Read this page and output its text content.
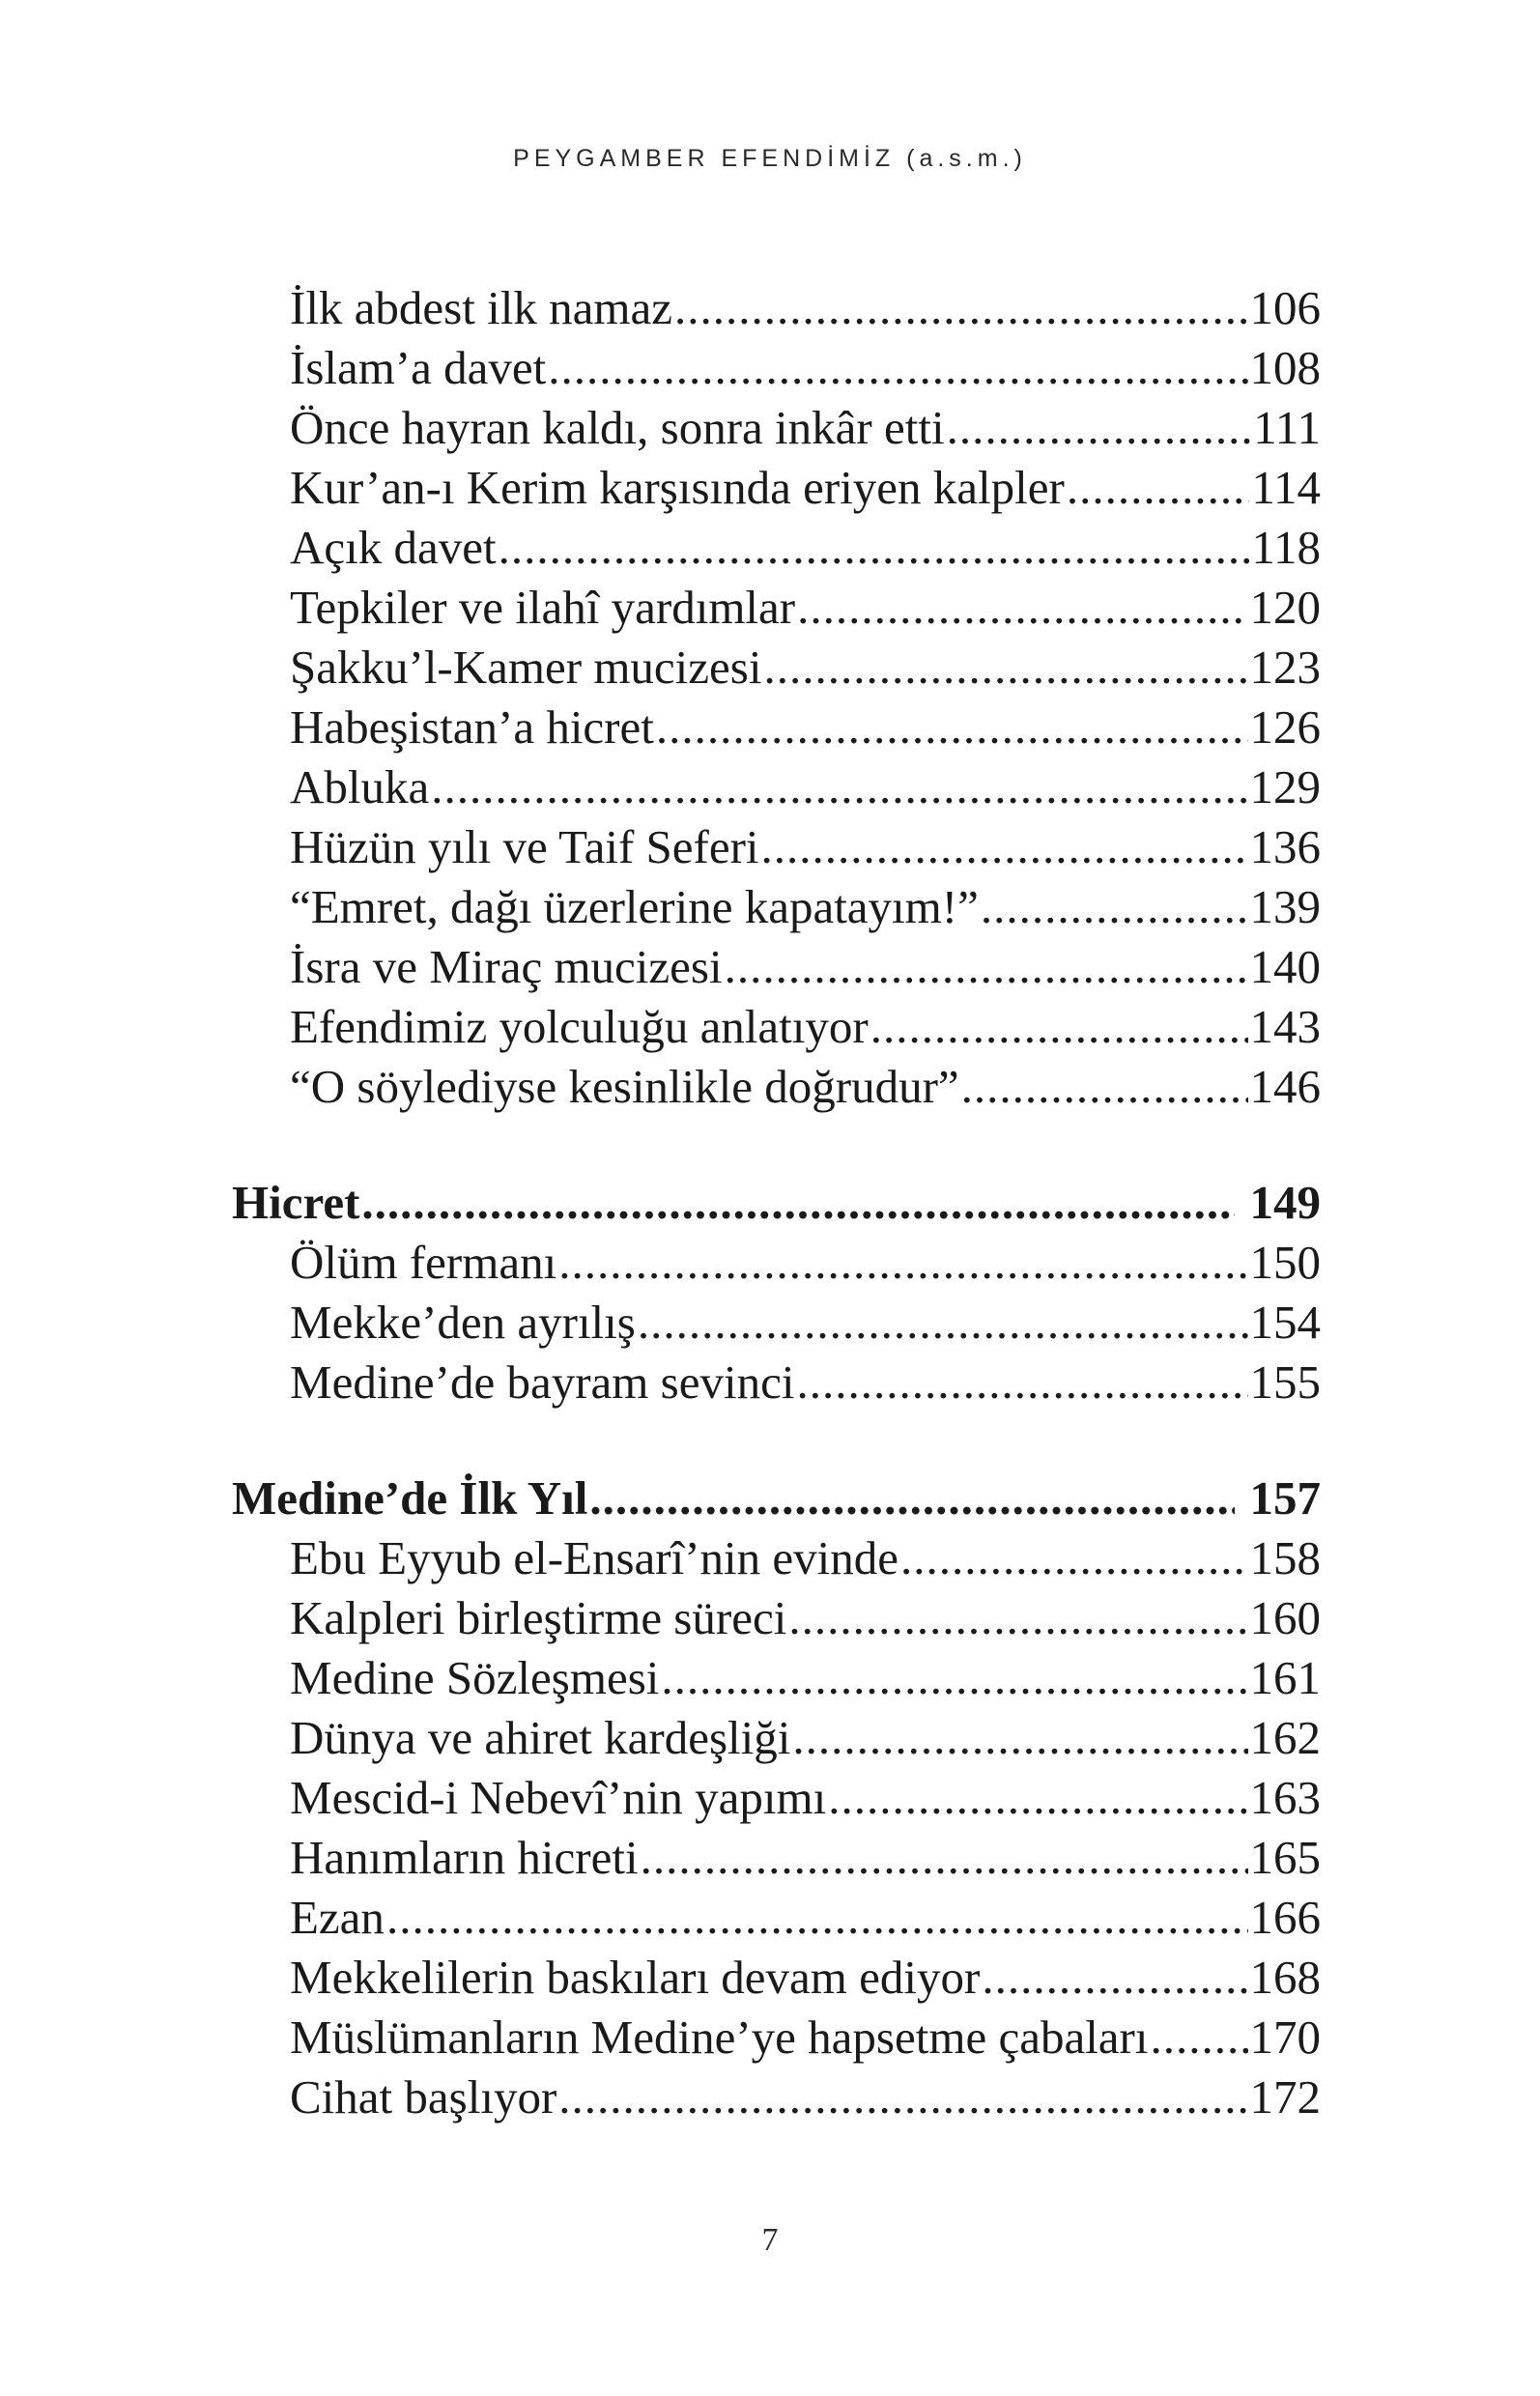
PEYGAMBER EFENDİMİZ (a.s.m.)
İlk abdest ilk namaz .....	106
İslam’a davet .....	108
Önce hayran kaldı, sonra inkâr etti .....	111
Kur’an-ı Kerim karşısında eriyen kalpler .....	114
Açık davet .....	118
Tepkiler ve ilahî yardımlar .....	120
Şakku’l-Kamer mucizesi .....	123
Habeşistan’a hicret .....	126
Abluka .....	129
Hüzün yılı ve Taif Seferi .....	136
“Emret, dağı üzerlerine kapatayım!” .....	139
İsra ve Miraç mucizesi .....	140
Efendimiz yolculuğu anlatıyor .....	143
“O söylediyse kesinlikle doğrudur” .....	146
Hicret .....	149
Ölüm fermanı .....	150
Mekke’den ayrılış .....	154
Medine’de bayram sevinci .....	155
Medine’de İlk Yıl .....	157
Ebu Eyyub el-Ensarî’nin evinde .....	158
Kalpleri birleştirme süreci .....	160
Medine Sözleşmesi .....	161
Dünya ve ahiret kardeşliği .....	162
Mescid-i Nebevî’nin yapımı .....	163
Hanımların hicreti .....	165
Ezan .....	166
Mekkelilerin baskıları devam ediyor .....	168
Müslümanların Medine’ye hapsetme çabaları ..... 170
Cihat başlıyor .....	172
7
